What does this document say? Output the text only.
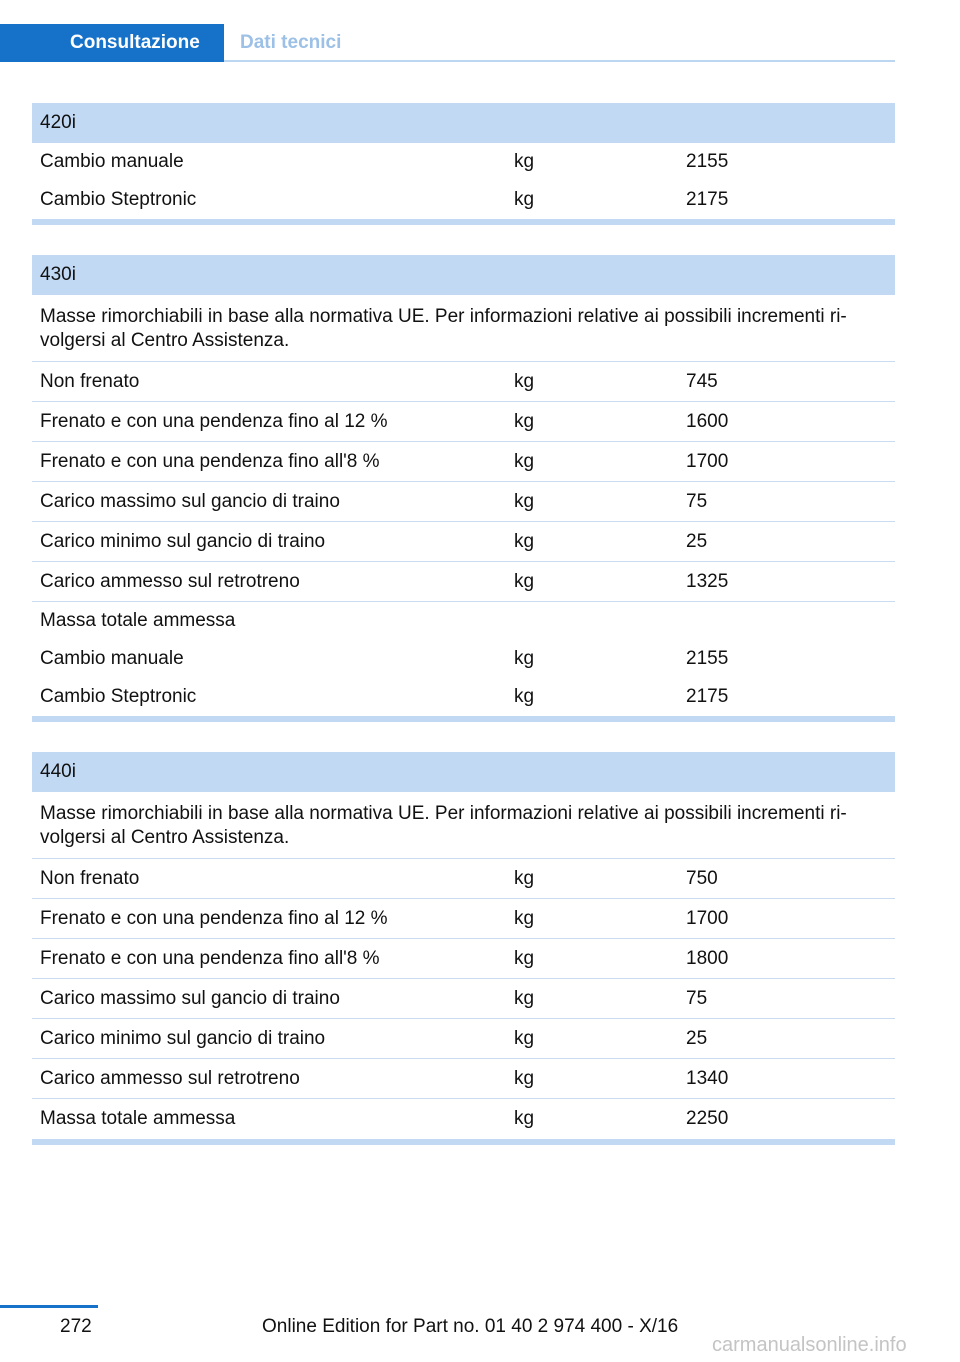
Consultazione	Dati tecnici
420i
Cambio manuale	kg	2155
Cambio Steptronic	kg	2175
430i
Masse rimorchiabili in base alla normativa UE. Per informazioni relative ai possibili incrementi ri-
volgersi al Centro Assistenza.
Non frenato	kg	745
Frenato e con una pendenza fino al 12 %	kg	1600
Frenato e con una pendenza fino all'8 %	kg	1700
Carico massimo sul gancio di traino	kg	75
Carico minimo sul gancio di traino	kg	25
Carico ammesso sul retrotreno	kg	1325
Massa totale ammessa
Cambio manuale	kg	2155
Cambio Steptronic	kg	2175
440i
Masse rimorchiabili in base alla normativa UE. Per informazioni relative ai possibili incrementi ri-
volgersi al Centro Assistenza.
Non frenato	kg	750
Frenato e con una pendenza fino al 12 %	kg	1700
Frenato e con una pendenza fino all'8 %	kg	1800
Carico massimo sul gancio di traino	kg	75
Carico minimo sul gancio di traino	kg	25
Carico ammesso sul retrotreno	kg	1340
Massa totale ammessa	kg	2250
272	Online Edition for Part no. 01 40 2 974 400 - X/16
carmanualsonline.info
